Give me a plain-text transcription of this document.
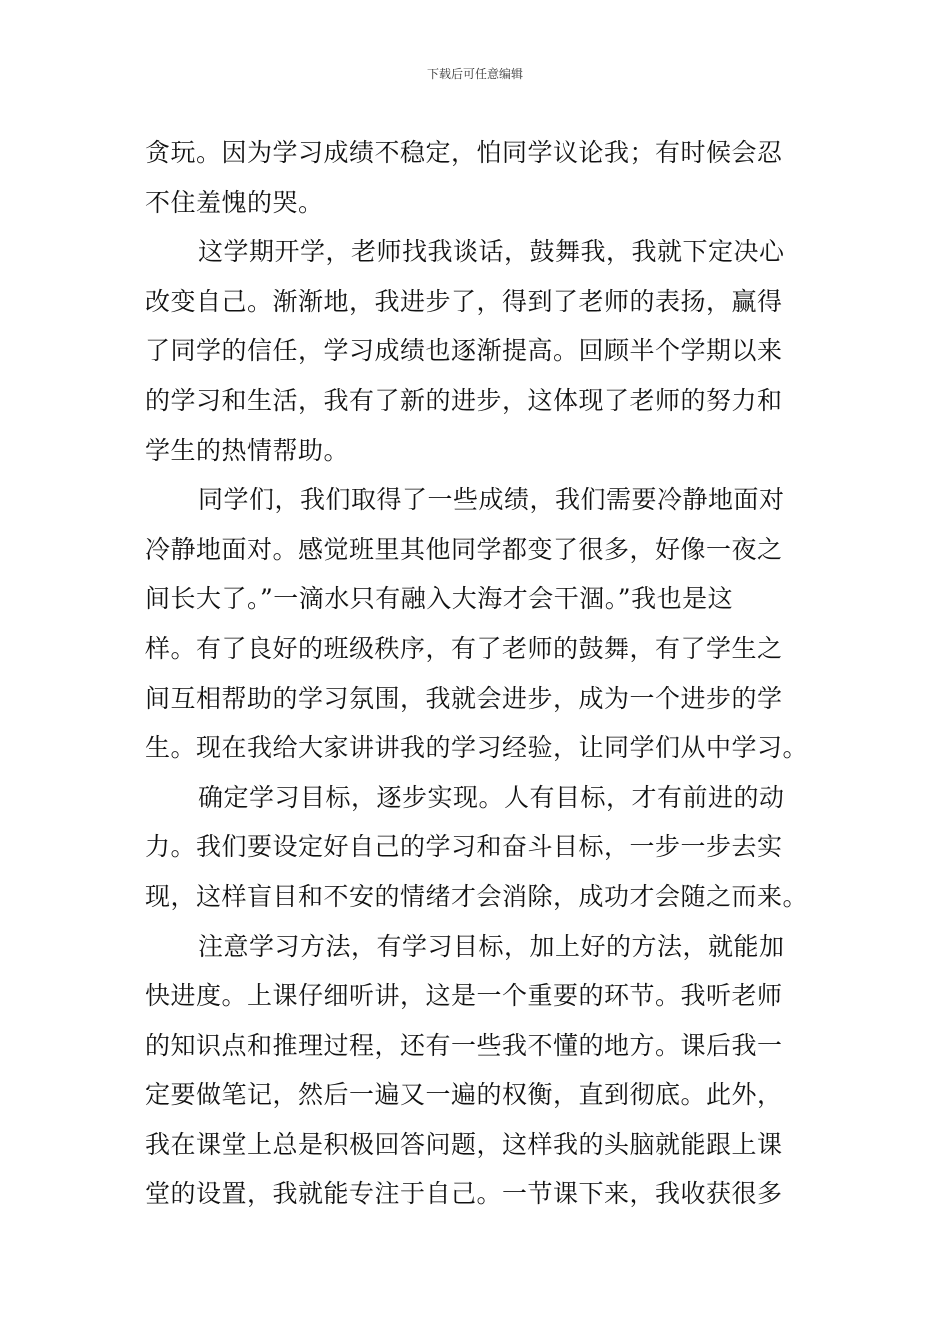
下载后可任意编辑
贪玩。因为学习成绩不稳定，怕同学议论我；有时候会忍
不住羞愧的哭。
这学期开学，老师找我谈话，鼓舞我，我就下定决心
改变自己。渐渐地，我进步了，得到了老师的表扬，赢得
了同学的信任，学习成绩也逐渐提高。回顾半个学期以来
的学习和生活，我有了新的进步，这体现了老师的努力和
学生的热情帮助。
同学们，我们取得了一些成绩，我们需要冷静地面对
冷静地面对。感觉班里其他同学都变了很多，好像一夜之
间长大了。”一滴水只有融入大海才会干涸。”我也是这
样。有了良好的班级秩序，有了老师的鼓舞，有了学生之
间互相帮助的学习氛围，我就会进步，成为一个进步的学
生。现在我给大家讲讲我的学习经验，让同学们从中学习。
确定学习目标，逐步实现。人有目标，才有前进的动
力。我们要设定好自己的学习和奋斗目标，一步一步去实
现，这样盲目和不安的情绪才会消除，成功才会随之而来。
注意学习方法，有学习目标，加上好的方法，就能加
快进度。上课仔细听讲，这是一个重要的环节。我听老师
的知识点和推理过程，还有一些我不懂的地方。课后我一
定要做笔记，然后一遍又一遍的权衡，直到彻底。此外，
我在课堂上总是积极回答问题，这样我的头脑就能跟上课
堂的设置，我就能专注于自己。一节课下来，我收获很多
